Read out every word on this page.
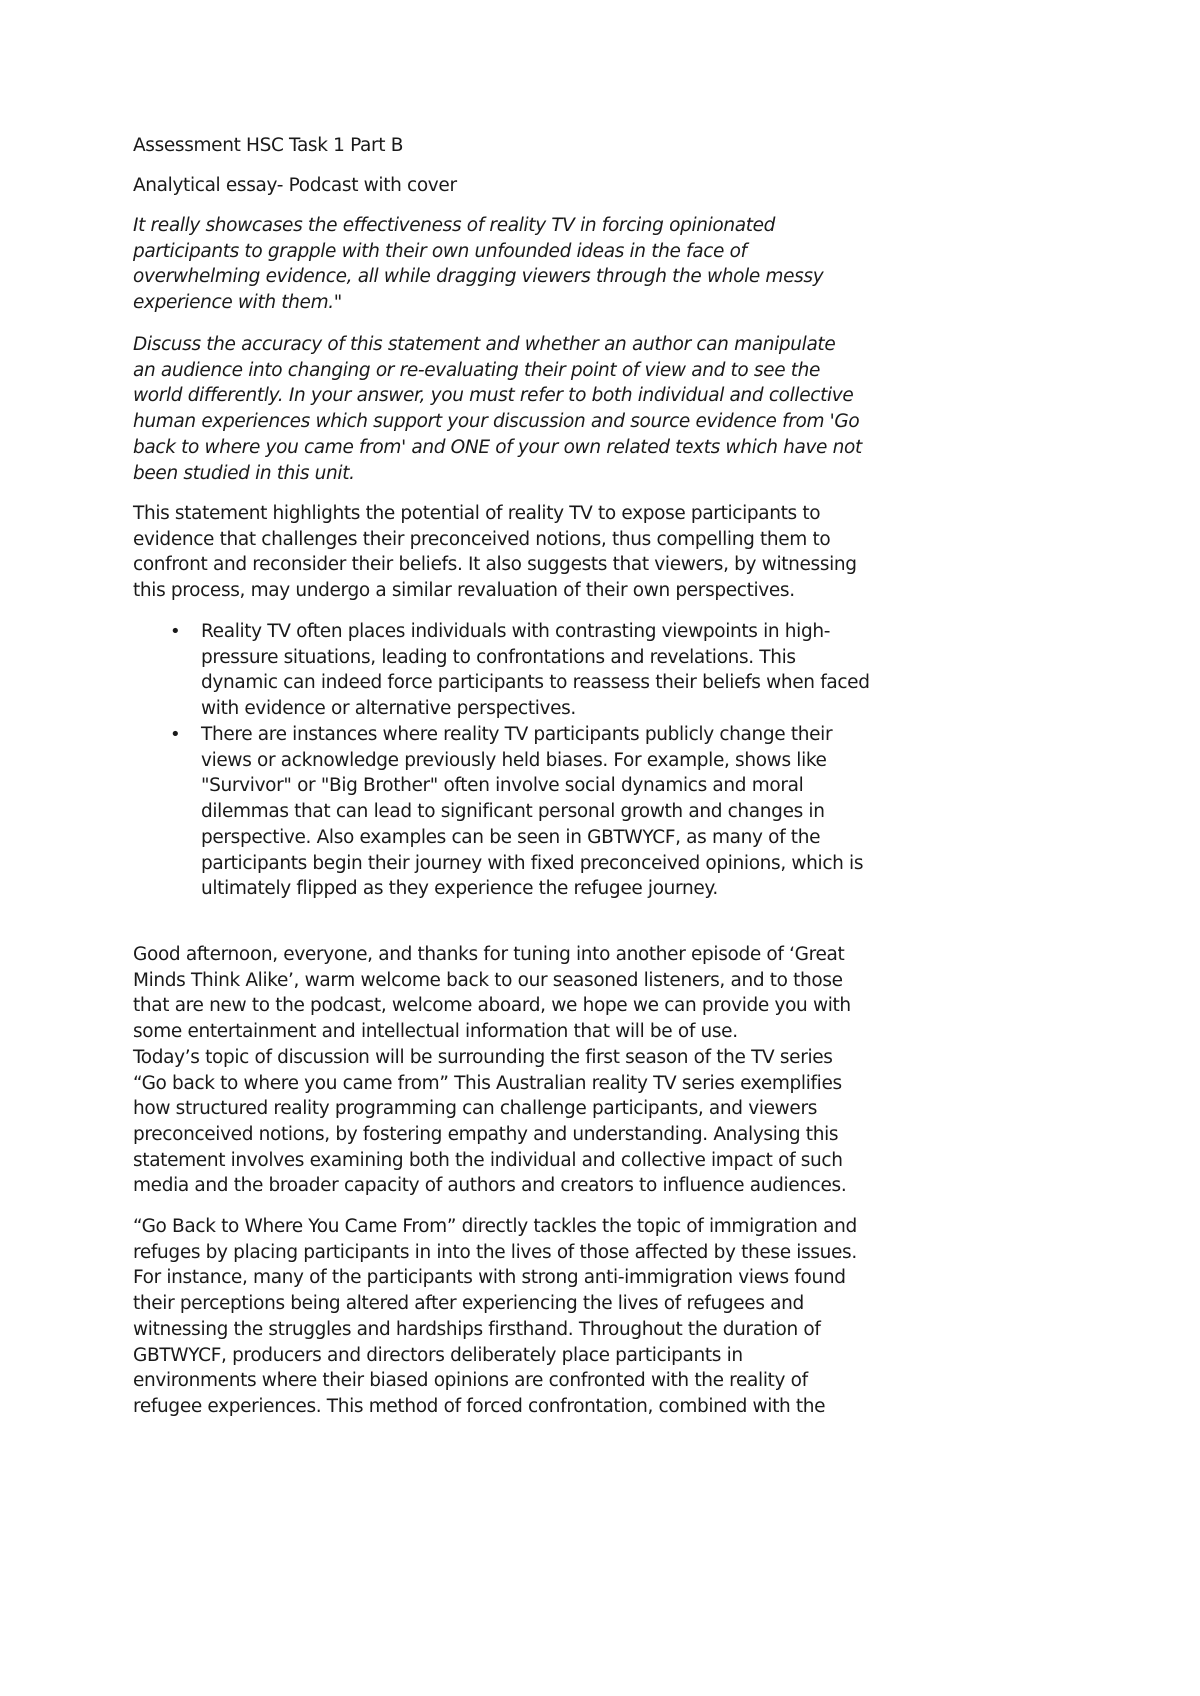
Assessment HSC Task 1 Part B
Analytical essay- Podcast with cover
It really showcases the effectiveness of reality TV in forcing opinionated
participants to grapple with their own unfounded ideas in the face of
overwhelming evidence, all while dragging viewers through the whole messy
experience with them."
Discuss the accuracy of this statement and whether an author can manipulate
an audience into changing or re-evaluating their point of view and to see the
world differently. In your answer, you must refer to both individual and collective
human experiences which support your discussion and source evidence from 'Go
back to where you came from' and ONE of your own related texts which have not
been studied in this unit.
This statement highlights the potential of reality TV to expose participants to
evidence that challenges their preconceived notions, thus compelling them to
confront and reconsider their beliefs. It also suggests that viewers, by witnessing
this process, may undergo a similar revaluation of their own perspectives.
• Reality TV often places individuals with contrasting viewpoints in high-
pressure situations, leading to confrontations and revelations. This
dynamic can indeed force participants to reassess their beliefs when faced
with evidence or alternative perspectives.
• There are instances where reality TV participants publicly change their
views or acknowledge previously held biases. For example, shows like
"Survivor" or "Big Brother" often involve social dynamics and moral
dilemmas that can lead to significant personal growth and changes in
perspective. Also examples can be seen in GBTWYCF, as many of the
participants begin their journey with fixed preconceived opinions, which is
ultimately flipped as they experience the refugee journey.
Good afternoon, everyone, and thanks for tuning into another episode of ‘Great
Minds Think Alike’, warm welcome back to our seasoned listeners, and to those
that are new to the podcast, welcome aboard, we hope we can provide you with
some entertainment and intellectual information that will be of use.
Today’s topic of discussion will be surrounding the first season of the TV series
“Go back to where you came from” This Australian reality TV series exemplifies
how structured reality programming can challenge participants, and viewers
preconceived notions, by fostering empathy and understanding. Analysing this
statement involves examining both the individual and collective impact of such
media and the broader capacity of authors and creators to influence audiences.
“Go Back to Where You Came From” directly tackles the topic of immigration and
refuges by placing participants in into the lives of those affected by these issues.
For instance, many of the participants with strong anti-immigration views found
their perceptions being altered after experiencing the lives of refugees and
witnessing the struggles and hardships firsthand. Throughout the duration of
GBTWYCF, producers and directors deliberately place participants in
environments where their biased opinions are confronted with the reality of
refugee experiences. This method of forced confrontation, combined with the
